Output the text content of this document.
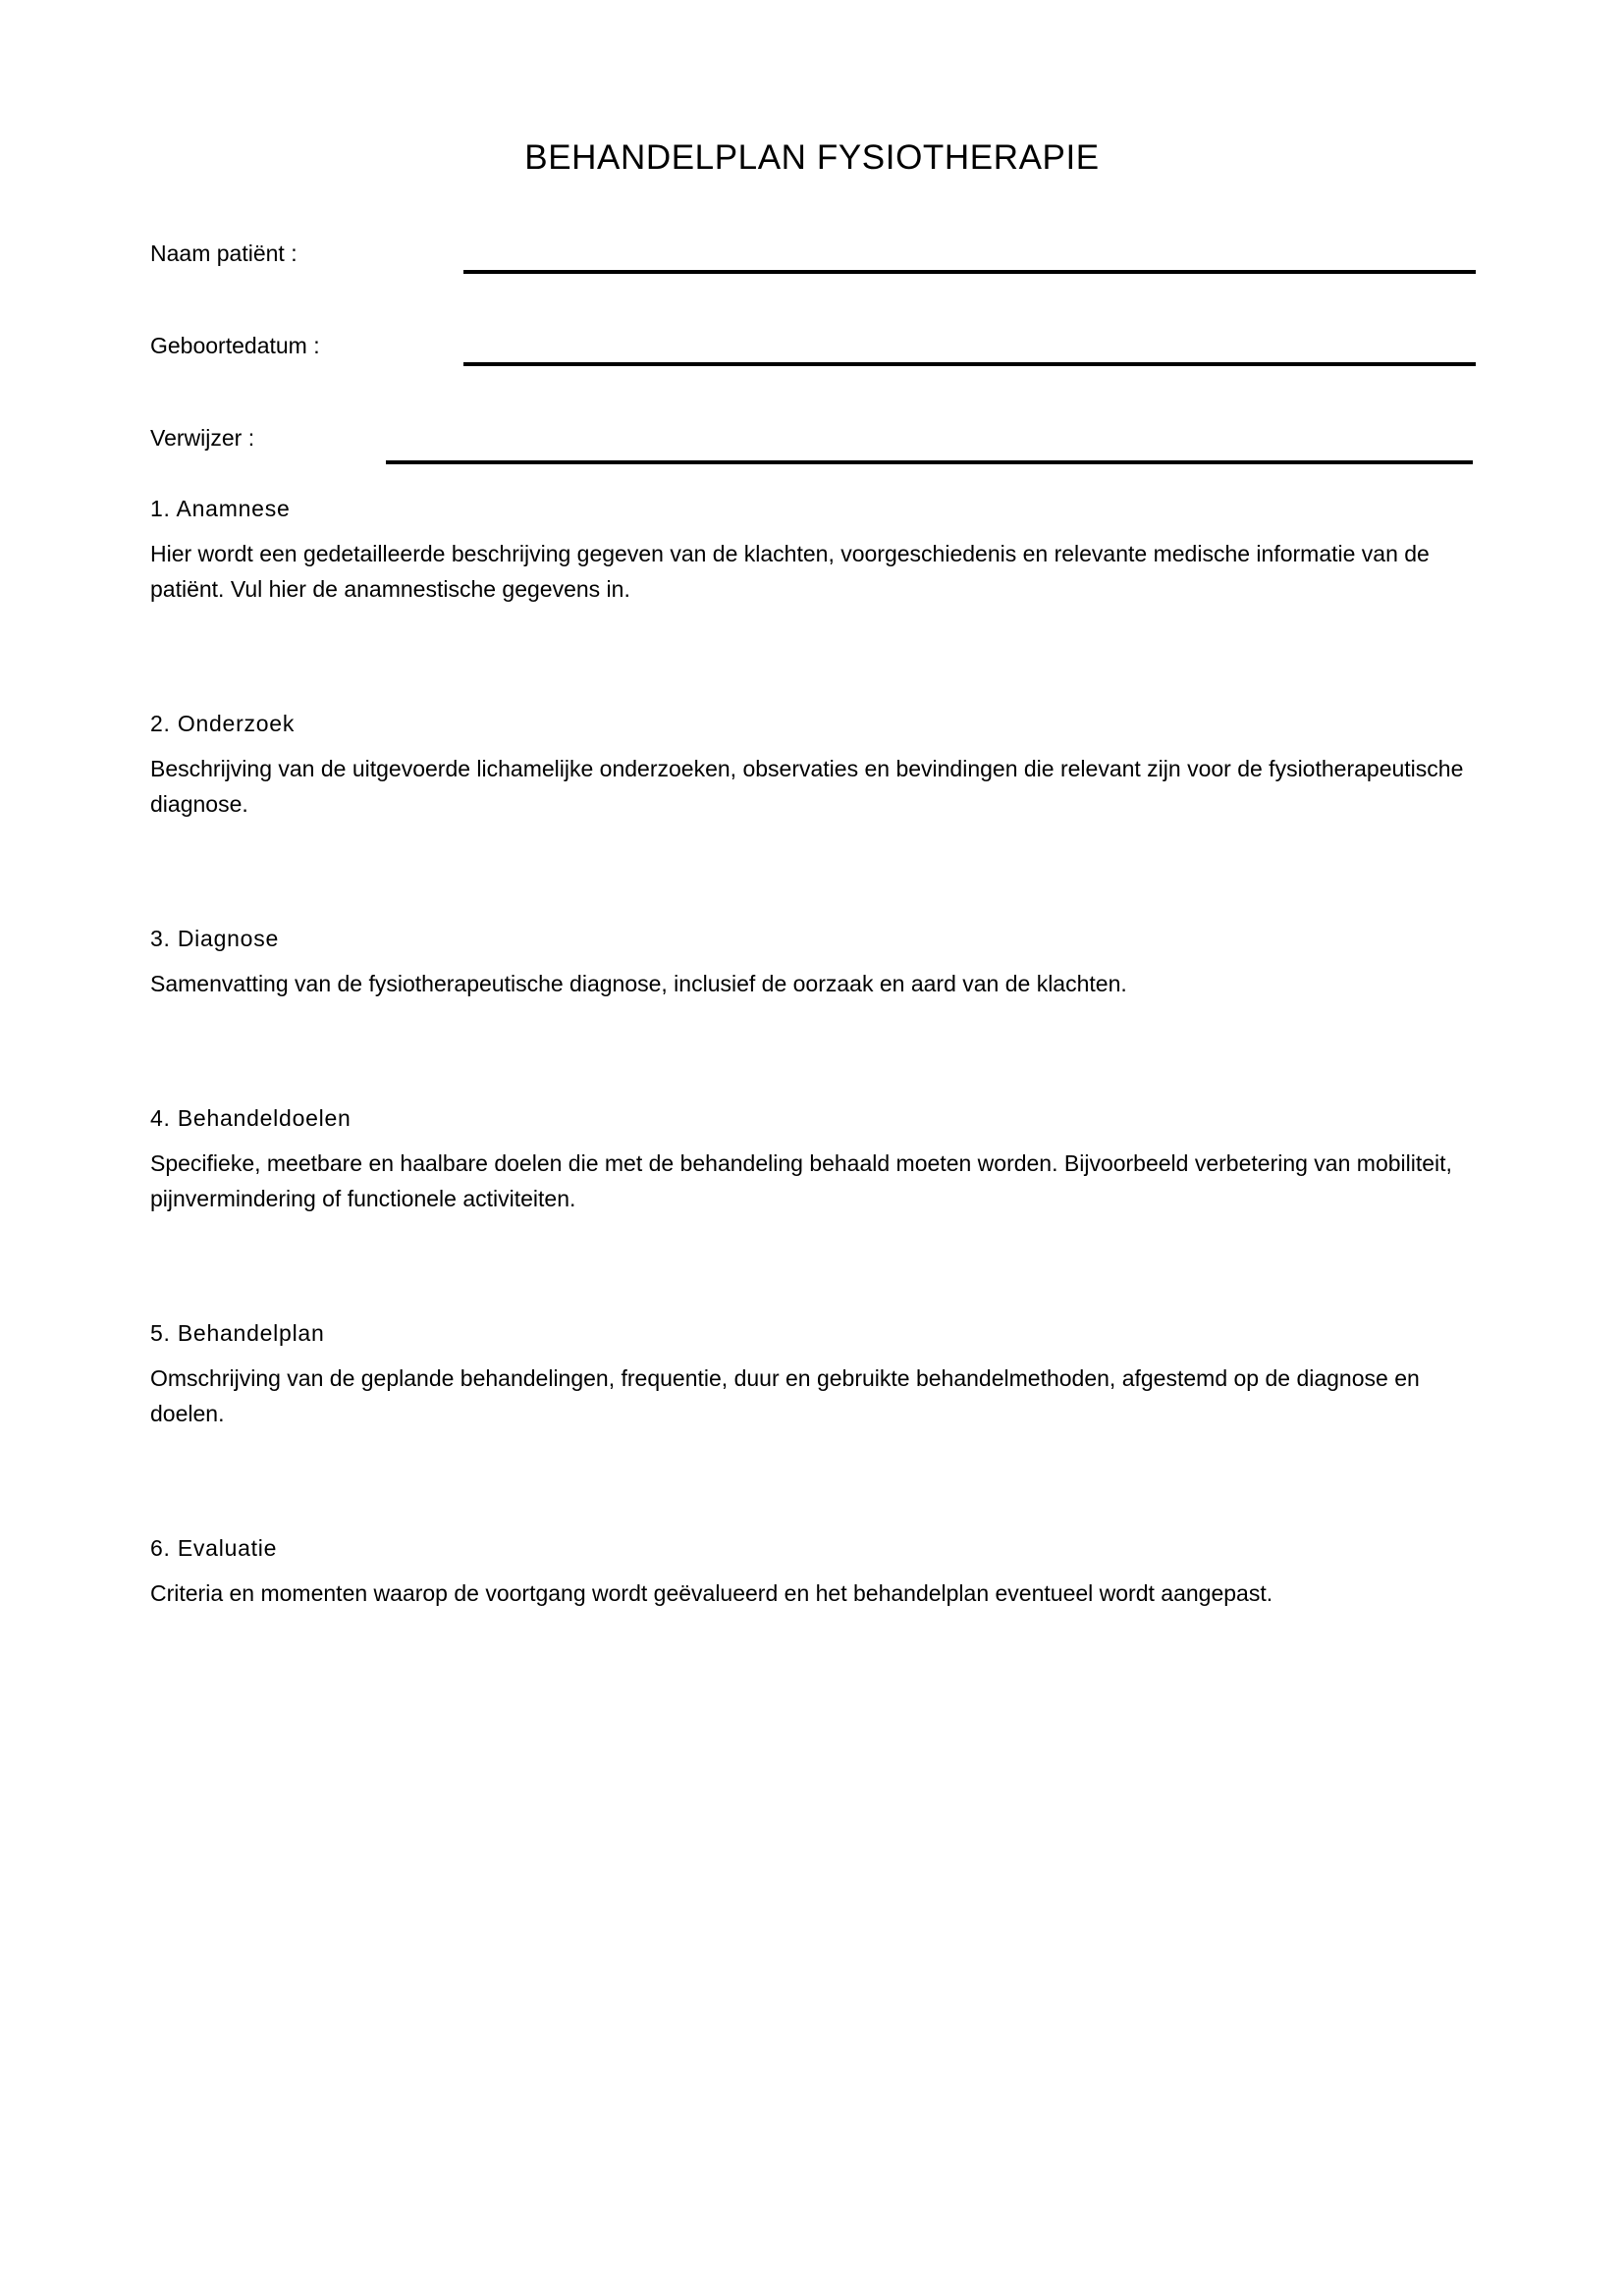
BEHANDELPLAN FYSIOTHERAPIE
Naam patiënt :
Geboortedatum :
Verwijzer :
1. Anamnese

Hier wordt een gedetailleerde beschrijving gegeven van de klachten, voorgeschiedenis en relevante medische informatie van de patiënt. Vul hier de anamnestische gegevens in.

2. Onderzoek

Beschrijving van de uitgevoerde lichamelijke onderzoeken, observaties en bevindingen die relevant zijn voor de fysiotherapeutische diagnose.

3. Diagnose

Samenvatting van de fysiotherapeutische diagnose, inclusief de oorzaak en aard van de klachten.

4. Behandeldoelen

Specifieke, meetbare en haalbare doelen die met de behandeling behaald moeten worden. Bijvoorbeeld verbetering van mobiliteit, pijnvermindering of functionele activiteiten.

5. Behandelplan

Omschrijving van de geplande behandelingen, frequentie, duur en gebruikte behandelmethoden, afgestemd op de diagnose en doelen.

6. Evaluatie

Criteria en momenten waarop de voortgang wordt geëvalueerd en het behandelplan eventueel wordt aangepast.
